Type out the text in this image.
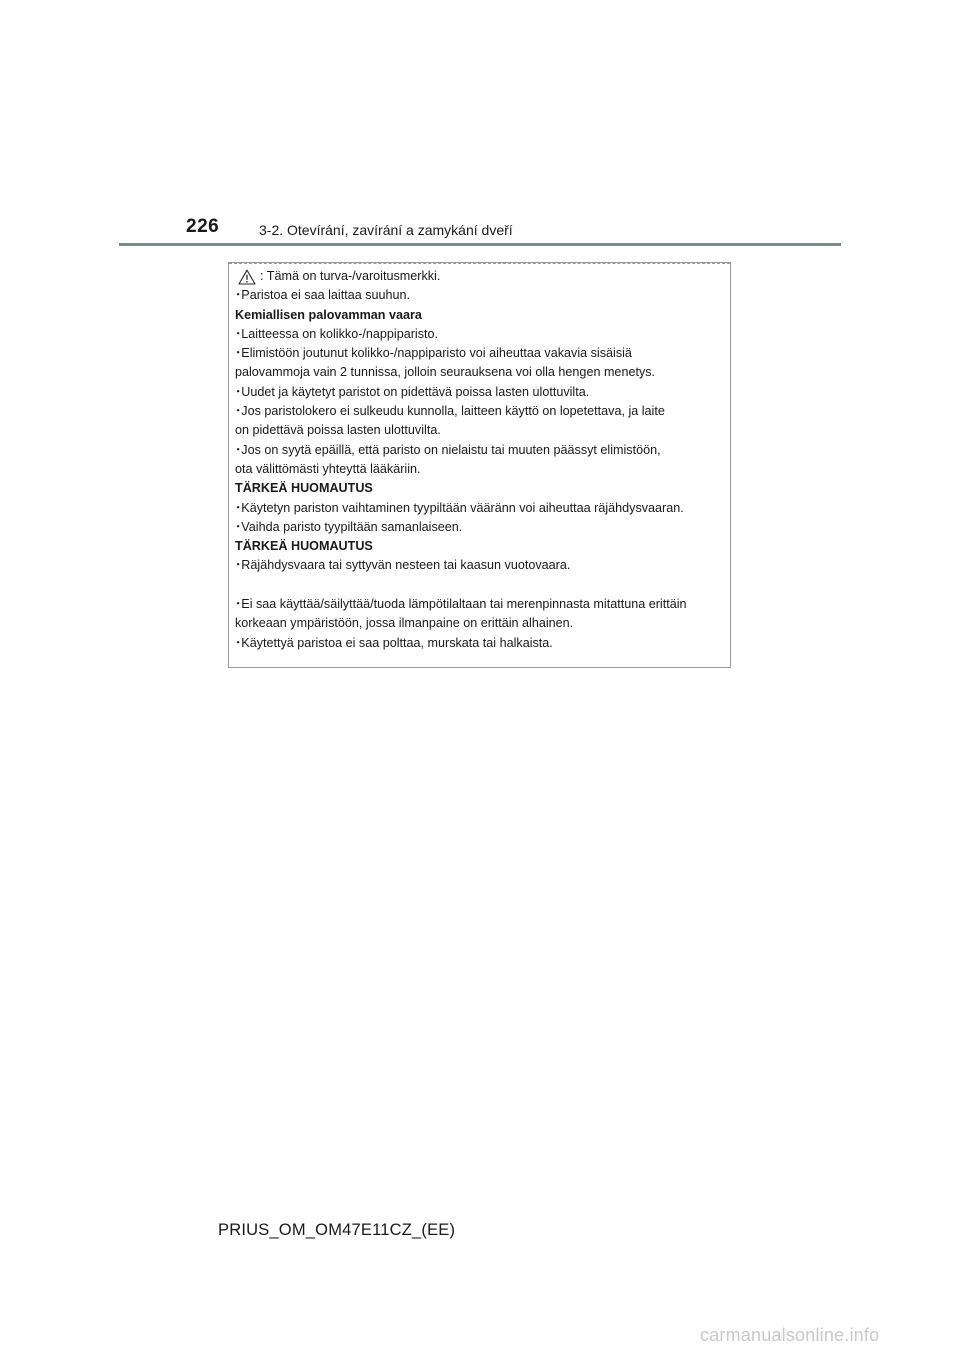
226	3-2. Otevírání, zavírání a zamykání dveří
: Tämä on turva-/varoitusmerkki.
･Paristoa ei saa laittaa suuhun.
Kemiallisen palovamman vaara
･Laitteessa on kolikko-/nappiparisto.
･Elimistöön joutunut kolikko-/nappiparisto voi aiheuttaa vakavia sisäisiä
palovammoja vain 2 tunnissa, jolloin seurauksena voi olla hengen menetys.
･Uudet ja käytetyt paristot on pidettävä poissa lasten ulottuvilta.
･Jos paristolokero ei sulkeudu kunnolla, laitteen käyttö on lopetettava, ja laite
on pidettävä poissa lasten ulottuvilta.
･Jos on syytä epäillä, että paristo on nielaistu tai muuten päässyt elimistöön,
ota välittömästi yhteyttä lääkäriin.
TÄRKEÄ HUOMAUTUS
･Käytetyn pariston vaihtaminen tyypiltään vääränn voi aiheuttaa räjähdysvaaran.
･Vaihda paristo tyypiltään samanlaiseen.
TÄRKEÄ HUOMAUTUS
･Räjähdysvaara tai syttyvän nesteen tai kaasun vuotovaara.
･Ei saa käyttää/säilyttää/tuoda lämpötilaltaan tai merenpinnasta mitattuna erittäin
korkeaan ympäristöön, jossa ilmanpaine on erittäin alhainen.
･Käytettyä paristoa ei saa polttaa, murskata tai halkaista.
PRIUS_OM_OM47E11CZ_(EE)
carmanualsonline.info
